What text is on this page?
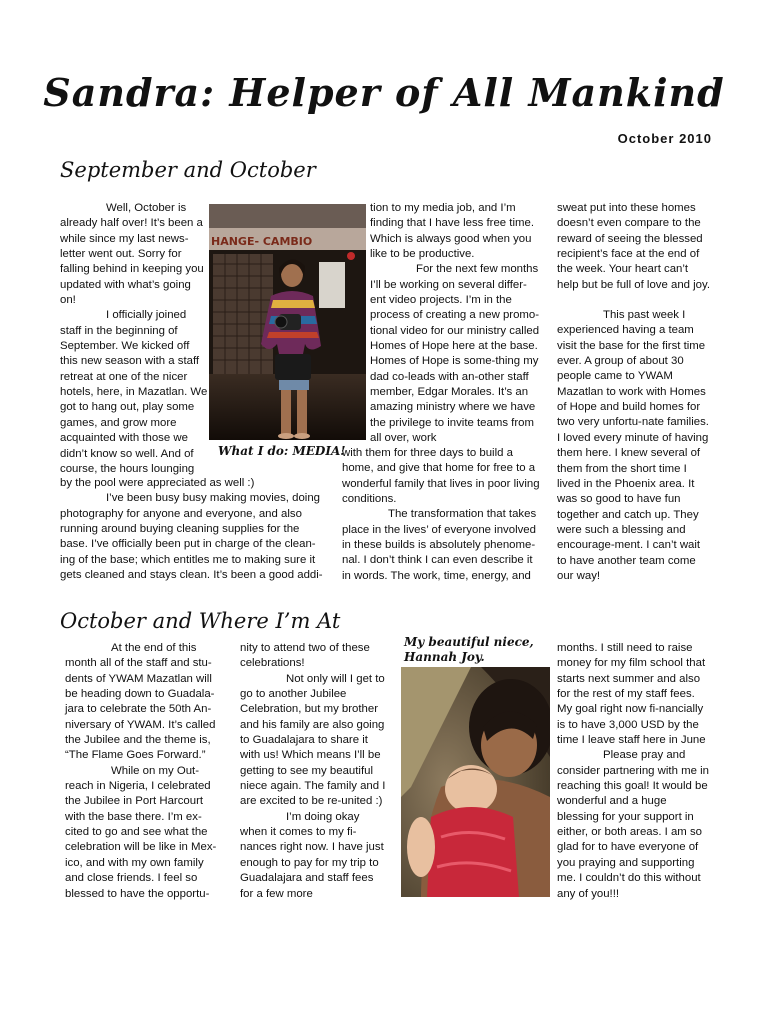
Sandra: Helper of All Mankind
October 2010
September and October

Well, October is already half over! It’s been a while since my last news-letter went out. Sorry for falling behind in keeping you updated with what’s going on!

I officially joined staff in the beginning of September. We kicked off this new season with a staff retreat at one of the nicer hotels, here, in Mazatlan. We got to hang out, play some games, and grow more acquainted with those we didn’t know so well. And of course, the hours lounging

by the pool were appreciated as well :)

I’ve been busy busy making movies, doing photography for anyone and everyone, and also running around buying cleaning supplies for the base. I’ve officially been put in charge of the clean-ing of the base; which entitles me to making sure it gets cleaned and stays clean. It’s been a good addi-

HANGE- CAMBIO
What I do: MEDIA!

tion to my media job, and I’m finding that I have less free time. Which is always good when you like to be productive.

For the next few months I’ll be working on several differ-ent video projects. I’m in the process of creating a new promo-tional video for our ministry called Homes of Hope here at the base. Homes of Hope is some-thing my dad co-leads with an-other staff member, Edgar Morales. It’s an amazing ministry where we have the privilege to invite teams from all over, work

with them for three days to build a home, and give that home for free to a wonderful family that lives in poor living conditions.

The transformation that takes place in the lives’ of everyone involved in these builds is absolutely phenome-nal. I don’t think I can even describe it in words. The work, time, energy, and

sweat put into these homes doesn’t even compare to the reward of seeing the blessed recipient’s face at the end of the week. Your heart can’t help but be full of love and joy.

This past week I experienced having a team visit the base for the first time ever. A group of about 30 people came to YWAM Mazatlan to work with Homes of Hope and build homes for two very unfortu-nate families. I loved every minute of having them here. I knew several of them from the short time I lived in the Phoenix area. It was so good to have fun together and catch up. They were such a blessing and encourage-ment. I can’t wait to have another team come our way!

October and Where I’m At

At the end of this month all of the staff and stu-dents of YWAM Mazatlan will be heading down to Guadala-jara to celebrate the 50th An-niversary of YWAM. It’s called the Jubilee and the theme is, “The Flame Goes Forward.”

While on my Out-reach in Nigeria, I celebrated the Jubilee in Port Harcourt with the base there. I’m ex-cited to go and see what the celebration will be like in Mex-ico, and with my own family and close friends. I feel so blessed to have the opportu-

nity to attend two of these celebrations!

Not only will I get to go to another Jubilee Celebration, but my brother and his family are also going to Guadalajara to share it with us! Which means I’ll be getting to see my beautiful niece again. The family and I are excited to be re-united :)

I’m doing okay when it comes to my fi-nances right now. I have just enough to pay for my trip to Guadalajara and staff fees for a few more

My beautiful niece, Hannah Joy.

months. I still need to raise money for my film school that starts next summer and also for the rest of my staff fees. My goal right now fi-nancially is to have 3,000 USD by the time I leave staff here in June

Please pray and consider partnering with me in reaching this goal! It would be wonderful and a huge blessing for your support in either, or both areas. I am so glad for to have everyone of you praying and supporting me. I couldn’t do this without any of you!!!
